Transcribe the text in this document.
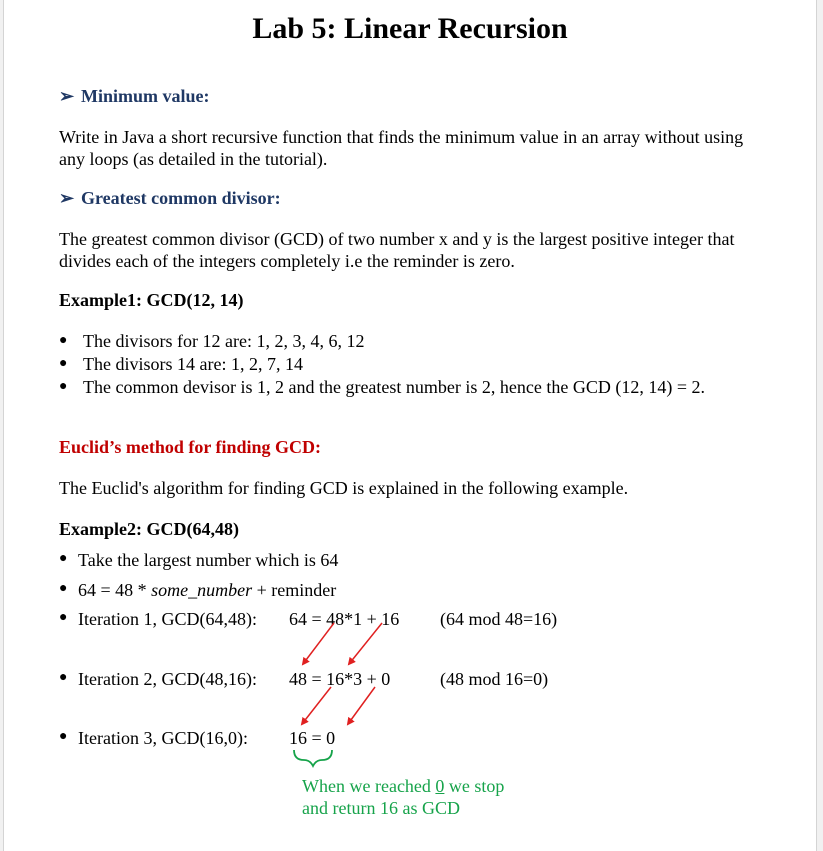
Lab 5: Linear Recursion
➢ Minimum value:
Write in Java a short recursive function that finds the minimum value in an array without using
any loops (as detailed in the tutorial).
➢ Greatest common divisor:
The greatest common divisor (GCD) of two number x and y is the largest positive integer that
divides each of the integers completely i.e the reminder is zero.
Example1: GCD(12, 14)
● The divisors for 12 are: 1, 2, 3, 4, 6, 12
● The divisors 14 are: 1, 2, 7, 14
● The common devisor is 1, 2 and the greatest number is 2, hence the GCD (12, 14) = 2.
Euclid’s method for finding GCD:
The Euclid's algorithm for finding GCD is explained in the following example.
Example2: GCD(64,48)
● Take the largest number which is 64
● 64 = 48 * some_number + reminder
● Iteration 1, GCD(64,48): 64 = 48*1 + 16 (64 mod 48=16)
● Iteration 2, GCD(48,16): 48 = 16*3 + 0	(48 mod 16=0)
● Iteration 3, GCD(16,0): 16 = 0
When we reached 0 we stop
and return 16 as GCD
